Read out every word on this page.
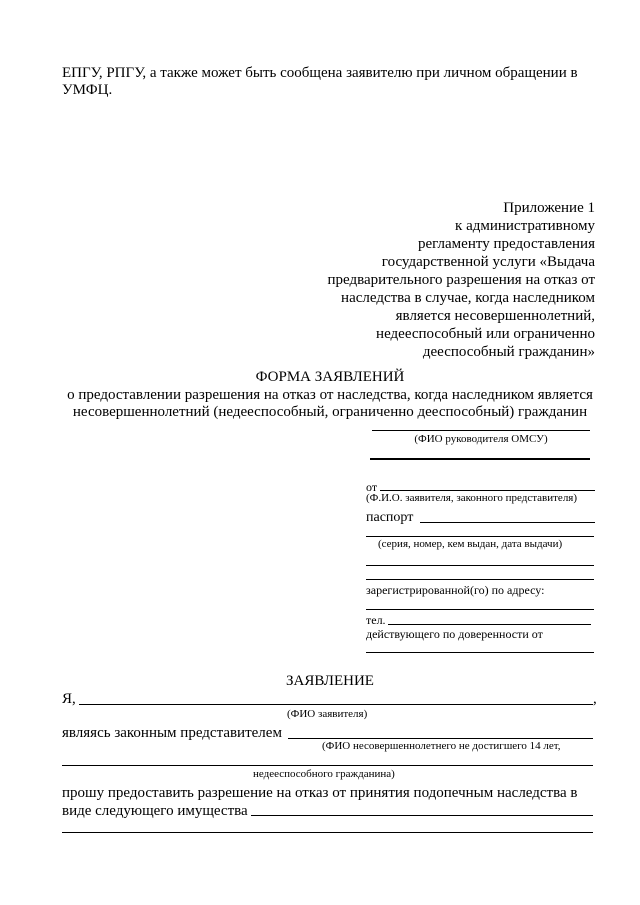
ЕПГУ, РПГУ, а также может быть сообщена заявителю при личном обращении в
УМФЦ.
Приложение 1
к административному
регламенту предоставления
государственной услуги «Выдача
предварительного разрешения на отказ от
наследства в случае, когда наследником
является несовершеннолетний,
недееспособный или ограниченно
дееспособный гражданин»
ФОРМА ЗАЯВЛЕНИЙ
о предоставлении разрешения на отказ от наследства, когда наследником является
несовершеннолетний (недееспособный, ограниченно дееспособный) гражданин
(ФИО руководителя ОМСУ)
от
(Ф.И.О. заявителя, законного представителя)
паспорт
(серия, номер, кем выдан, дата выдачи)
зарегистрированной(го) по адресу:
тел.
действующего по доверенности от
ЗАЯВЛЕНИЕ
Я,	,
(ФИО заявителя)
являясь законным представителем
(ФИО несовершеннолетнего не достигшего 14 лет,
недееспособного гражданина)
прошу предоставить разрешение на отказ от принятия подопечным наследства в
виде следующего имущества
